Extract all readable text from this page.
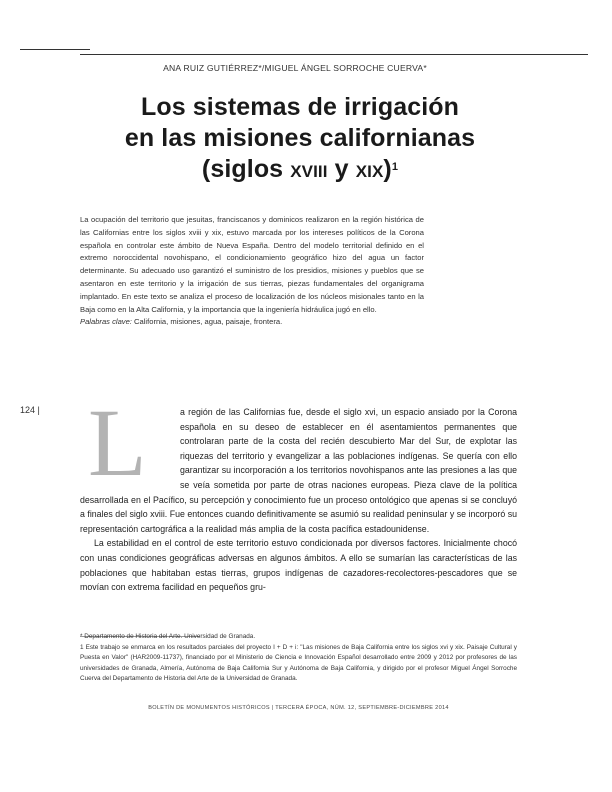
ANA RUIZ GUTIÉRREZ*/MIGUEL ÁNGEL SORROCHE CUERVA*
Los sistemas de irrigación
en las misiones californianas
(siglos XVIII y XIX)$^1$

La ocupación del territorio que jesuitas, franciscanos y dominicos realizaron en la región histórica de las Californias entre los siglos xviii y xix, estuvo marcada por los intereses políticos de la Corona española en controlar este ámbito de Nueva España. Dentro del modelo territorial definido en el extremo noroccidental novohispano, el condicionamiento geográfico hizo del agua un factor determinante. Su adecuado uso garantizó el suministro de los presidios, misiones y pueblos que se asentaron en este territorio y la irrigación de sus tierras, piezas fundamentales del organigrama implantado. En este texto se analiza el proceso de localización de los núcleos misionales tanto en la Baja como en la Alta California, y la importancia que la ingeniería hidráulica jugó en ello.

Palabras clave: California, misiones, agua, paisaje, frontera.

124 | L	a región de las Californias fue, desde el siglo xvi, un espacio ansiado por la Corona española en su deseo de establecer en él asentamientos permanentes que controlaran parte de la costa del recién descubierto Mar del Sur, de explotar las riquezas del territorio y evangelizar a las poblaciones indígenas. Se quería con ello garantizar su incorporación a los territorios novohispanos ante las presiones a las que se veía sometida por parte de otras naciones europeas. Pieza clave de la política desarrollada en el Pacífico, su percepción y conocimiento fue un proceso ontológico que apenas si se concluyó a finales del siglo xviii. Fue entonces cuando definitivamente se asumió su realidad peninsular y se incorporó su representación cartográfica a la realidad más amplia de la costa pacífica estadounidense.

La estabilidad en el control de este territorio estuvo condicionada por diversos factores. Inicialmente chocó con unas condiciones geográficas adversas en algunos ámbitos. A ello se sumarían las características de las poblaciones que habitaban estas tierras, grupos indígenas de cazadores-recolectores-pescadores que se movían con extrema facilidad en pequeños gru-

* Departamento de Historia del Arte. Universidad de Granada.

1 Este trabajo se enmarca en los resultados parciales del proyecto I + D + i: "Las misiones de Baja California entre los siglos xvi y xix. Paisaje Cultural y Puesta en Valor" (HAR2009-11737), financiado por el Ministerio de Ciencia e Innovación Español desarrollado entre 2009 y 2012 por profesores de las universidades de Granada, Almería, Autónoma de Baja California Sur y Autónoma de Baja California, y dirigido por el profesor Miguel Ángel Sorroche Cuerva del Departamento de Historia del Arte de la Universidad de Granada.

BOLETÍN DE MONUMENTOS HISTÓRICOS | TERCERA ÉPOCA, NÚM. 12, SEPTIEMBRE-DICIEMBRE 2014
